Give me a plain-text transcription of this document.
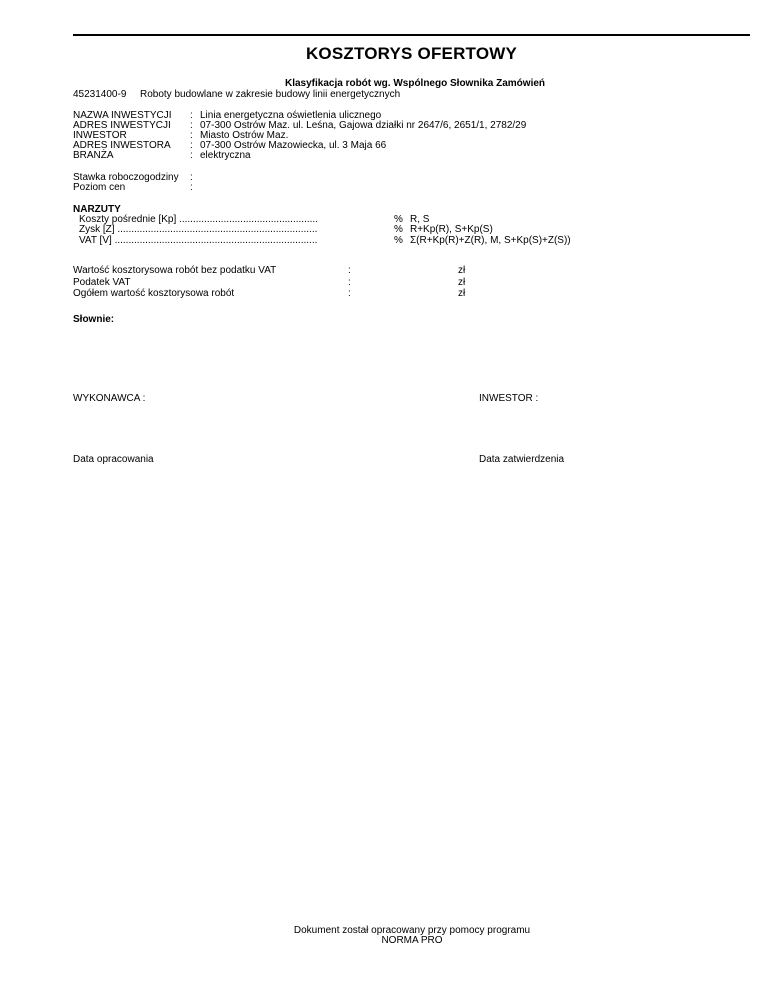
KOSZTORYS OFERTOWY
Klasyfikacja robót wg. Wspólnego Słownika Zamówień
45231400-9 Roboty budowlane w zakresie budowy linii energetycznych
NAZWA INWESTYCJI : Linia energetyczna oświetlenia ulicznego
ADRES INWESTYCJI : 07-300 Ostrów Maz. ul. Leśna, Gajowa działki nr 2647/6, 2651/1, 2782/29
INWESTOR	: Miasto Ostrów Maz.
ADRES INWESTORA : 07-300 Ostrów Mazowiecka, ul. 3 Maja 66
BRANŻA	: elektryczna
Stawka roboczogodziny :
Poziom cen	:
NARZUTY
Koszty pośrednie [Kp] ..................................................	% R, S
Zysk [Z] ........................................................................	% R+Kp(R), S+Kp(S)
VAT [V] .........................................................................	% Σ(R+Kp(R)+Z(R), M, S+Kp(S)+Z(S))
Wartość kosztorysowa robót bez podatku VAT	:	zł
Podatek VAT	:	zł
Ogółem wartość kosztorysowa robót	:	zł
Słownie:
WYKONAWCA :	INWESTOR :
Data opracowania	Data zatwierdzenia
Dokument został opracowany przy pomocy programu
NORMA PRO
